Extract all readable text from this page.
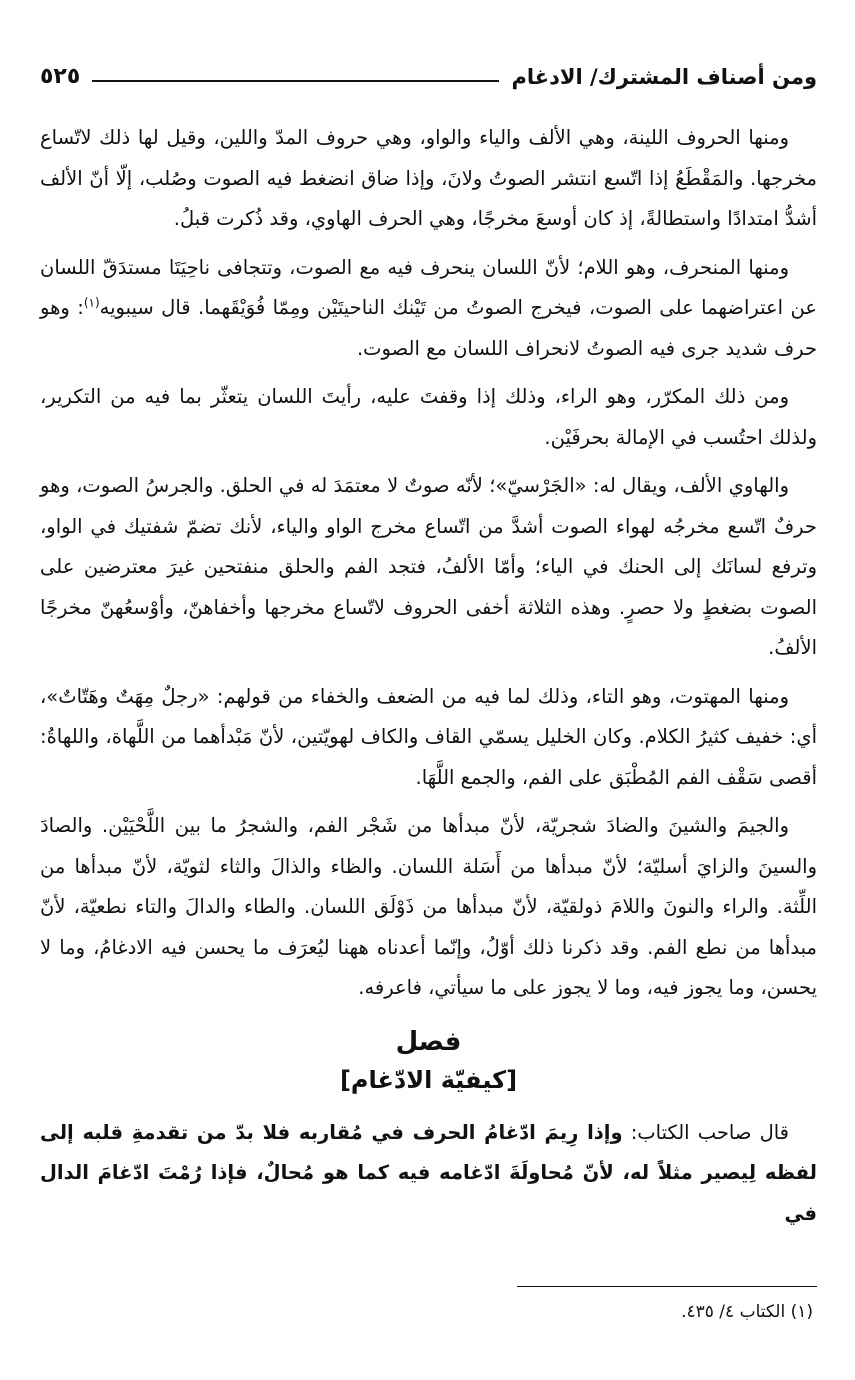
ومن أصناف المشترك/ الادغام
٥٢٥

ومنها الحروف اللينة، وهي الألف والياء والواو، وهي حروف المدّ واللين، وقيل لها ذلك لاتّساع مخرجها. والمَقْطَعُ إذا اتّسع انتشر الصوتُ ولانَ، وإذا ضاق انضغط فيه الصوت وصُلب، إلّا أنّ الألف أشدُّ امتدادًا واستطالةً، إذ كان أوسعَ مخرجًا، وهي الحرف الهاوي، وقد ذُكرت قبلُ.

ومنها المنحرف، وهو اللام؛ لأنّ اللسان ينحرف فيه مع الصوت، وتتجافى ناحِيَتَا مستدَقّ اللسان عن اعتراضهما على الصوت، فيخرج الصوتُ من تَيْنك الناحيتَيْن ومِمّا فُوَيْقَهما. قال سيبويه$^{(١)}$: وهو حرف شديد جرى فيه الصوتُ لانحراف اللسان مع الصوت.

ومن ذلك المكرّر، وهو الراء، وذلك إذا وقفتَ عليه، رأيتَ اللسان يتعثّر بما فيه من التكرير، ولذلك احتُسب في الإمالة بحرفَيْن.

والهاوي الألف، ويقال له: «الجَرْسيّ»؛ لأنّه صوتٌ لا معتمَدَ له في الحلق. والجرسُ الصوت، وهو حرفٌ اتّسع مخرجُه لهواء الصوت أشدَّ من اتّساع مخرج الواو والياء، لأنك تضمّ شفتيك في الواو، وترفع لسانَك إلى الحنك في الياء؛ وأمّا الألفُ، فتجد الفم والحلق منفتحين غيرَ معترضين على الصوت بضغطٍ ولا حصرٍ. وهذه الثلاثة أخفى الحروف لاتّساع مخرجها وأخفاهنّ، وأوْسعُهنّ مخرجًا الألفُ.

ومنها المهتوت، وهو التاء، وذلك لما فيه من الضعف والخفاء من قولهم: «رجلٌ مِهَتٌ وهَتّاتٌ»، أي: خفيف كثيرُ الكلام. وكان الخليل يسمّي القاف والكاف لهويّتين، لأنّ مَبْدأهما من اللَّهاة، واللهاةُ: أقصى سَقْف الفم المُطْبَق على الفم، والجمع اللَّهَا.

والجيمَ والشينَ والضادَ شجريّة، لأنّ مبدأها من شَجْر الفم، والشجرُ ما بين اللَّحْيَيْن. والصادَ والسينَ والزايَ أسليّة؛ لأنّ مبدأها من أَسَلة اللسان. والظاء والذالَ والثاء لثويّة، لأنّ مبدأها من اللِّثة. والراء والنونَ واللامَ ذولقيّة، لأنّ مبدأها من ذَوْلَق اللسان. والطاء والدالَ والتاء نطعيّة، لأنّ مبدأها من نطع الفم. وقد ذكرنا ذلك أوّلُ، وإنّما أعدناه ههنا ليُعرَف ما يحسن فيه الادغامُ، وما لا يحسن، وما يجوز فيه، وما لا يجوز على ما سيأتي، فاعرفه.

فصل
[كيفيّة الادّغام]

قال صاحب الكتاب: وإذا رِيمَ ادّغامُ الحرف في مُقاربه فلا بدّ من تقدمةِ قلبه إلى لفظه لِيصير مثلاً له، لأنّ مُحاولَةَ ادّغامه فيه كما هو مُحالٌ، فإذا رُمْتَ ادّغامَ الدال في

(١) الكتاب ٤/ ٤٣٥.
